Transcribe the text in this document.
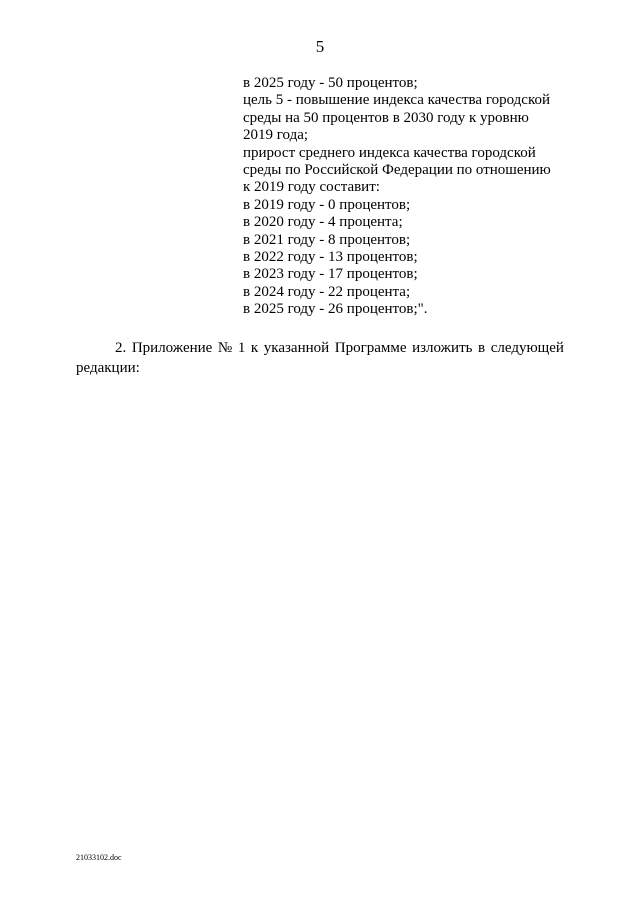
5
в 2025 году - 50 процентов;
цель 5 - повышение индекса качества городской
среды на 50 процентов в 2030 году к уровню
2019 года;
прирост среднего индекса качества городской
среды по Российской Федерации по отношению
к 2019 году составит:
в 2019 году - 0 процентов;
в 2020 году - 4 процента;
в 2021 году - 8 процентов;
в 2022 году - 13 процентов;
в 2023 году - 17 процентов;
в 2024 году - 22 процента;
в 2025 году - 26 процентов;".
2. Приложение № 1 к указанной Программе изложить в следующей
редакции:
21033102.doc
